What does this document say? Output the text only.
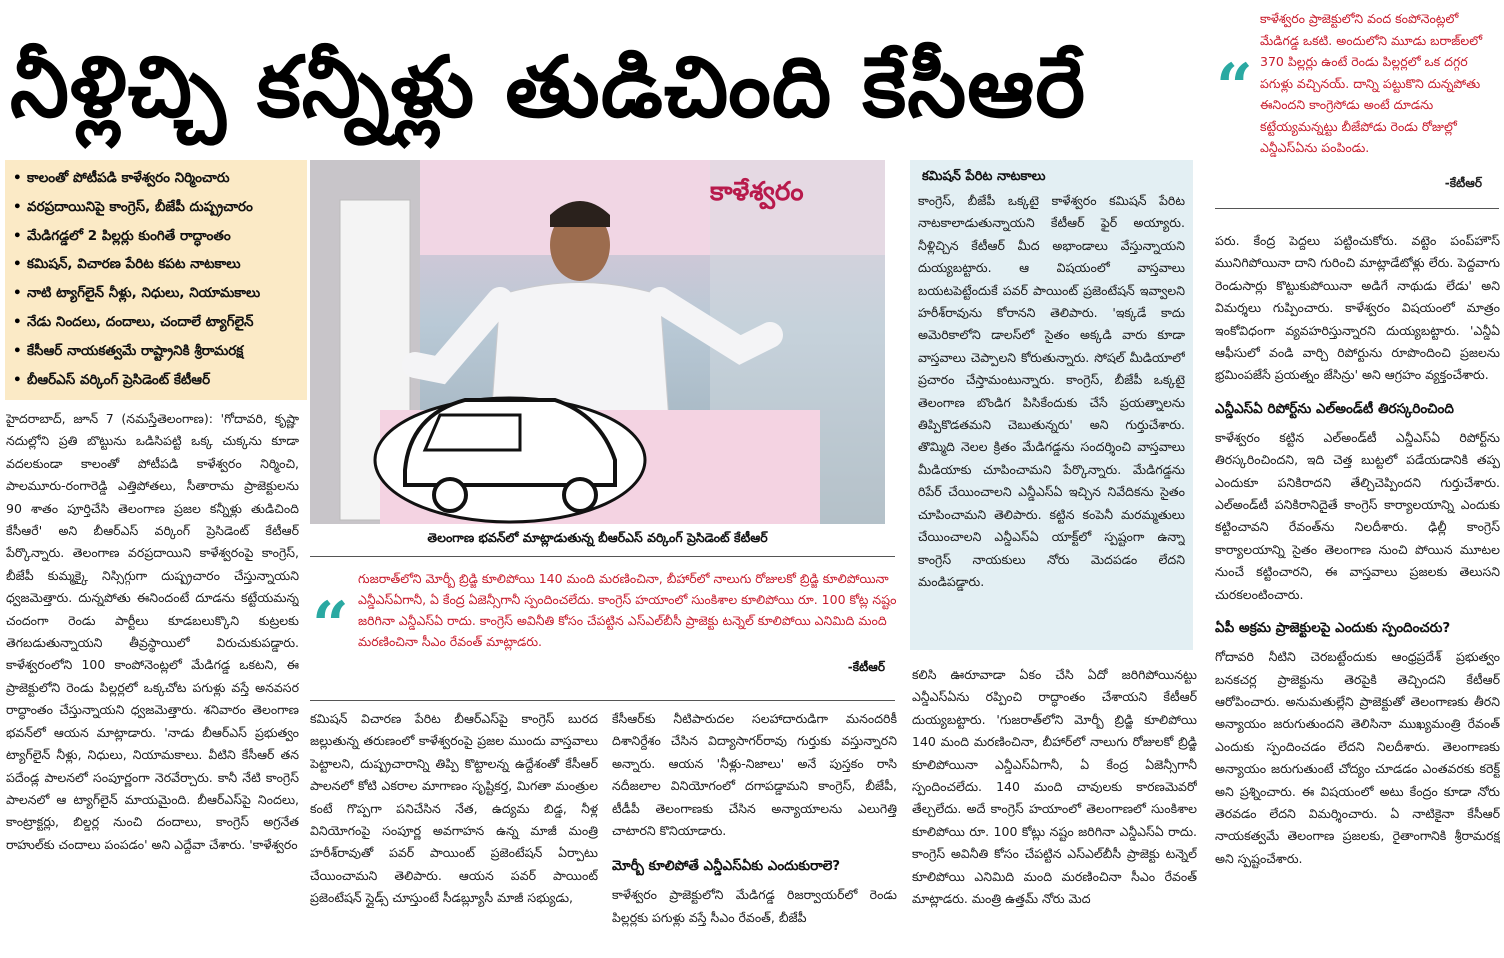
నీళ్లిచ్చి కన్నీళ్లు తుడిచింది కేసీఆరే	“
కాళేశ్వరం ప్రాజెక్టులోని వంద కంపోనెంట్లలో మేడిగడ్డ ఒకటి. అందులోని మూడు బరాజ్‌లలో 370 పిల్లర్లు ఉంటే రెండు పిల్లర్లలో ఒక దగ్గర పగుళ్లు వచ్చినయ్. దాన్ని పట్టుకొని దున్నపోతు ఈనిందని కాంగ్రెసోడు అంటే దూడను కట్టేయ్యమన్నట్టు బీజేపోడు రెండు రోజుల్లో ఎన్డీఎస్‌ఏను పంపిండు.
-కేటీఆర్
• కాలంతో పోటీపడి కాళేశ్వరం నిర్మించారు
• వరప్రదాయినిపై కాంగ్రెస్, బీజేపీ దుష్ప్రచారం
• మేడిగడ్డలో 2 పిల్లర్లు కుంగితే రాద్ధాంతం
• కమిషన్, విచారణ పేరిట కపట నాటకాలు
• నాటి ట్యాగ్‌లైన్ నీళ్లు, నిధులు, నియామకాలు
• నేడు నిందలు, దందాలు, చందాలే ట్యాగ్‌లైన్
• కేసీఆర్ నాయకత్వమే రాష్ట్రానికి శ్రీరామరక్ష
• బీఆర్‌ఎస్ వర్కింగ్ ప్రెసిడెంట్ కేటీఆర్
కాళేశ్వరం
తెలంగాణ భవన్‌లో మాట్లాడుతున్న బీఆర్‌ఎస్ వర్కింగ్ ప్రెసిడెంట్ కేటీఆర్
“
గుజరాత్‌లోని మోర్బీ బ్రిడ్జి కూలిపోయి 140 మంది మరణించినా, బీహార్‌లో నాలుగు రోజులకో బ్రిడ్జి కూలిపోయినా ఎన్డీఎస్‌ఏగానీ, ఏ కేంద్ర ఏజెన్సీగానీ స్పందించలేదు. కాంగ్రెస్ హయాంలో సుంకిశాల కూలిపోయి రూ. 100 కోట్ల నష్టం జరిగినా ఎన్డీఎస్‌ఏ రాదు. కాంగ్రెస్ అవినీతి కోసం చేపట్టిన ఎస్‌ఎల్‌బీసీ ప్రాజెక్టు టన్నెల్ కూలిపోయి ఎనిమిది మంది మరణించినా సీఎం రేవంత్ మాట్లాడరు.
-కేటీఆర్
హైదరాబాద్, జూన్ 7 (నమస్తేతెలంగాణ): 'గోదావరి, కృష్ణా నదుల్లోని ప్రతి బొట్టును ఒడిసిపట్టి ఒక్క చుక్కను కూడా వదలకుండా కాలంతో పోటీపడి కాళేశ్వరం నిర్మించి, పాలమూరు-రంగారెడ్డి ఎత్తిపోతలు, సీతారామ ప్రాజెక్టులను 90 శాతం పూర్తిచేసి తెలంగాణ ప్రజల కన్నీళ్లు తుడిచింది కేసీఆరే' అని బీఆర్‌ఎస్ వర్కింగ్ ప్రెసిడెంట్ కేటీఆర్ పేర్కొన్నారు. తెలంగాణ వరప్రదాయిని కాళేశ్వరంపై కాంగ్రెస్, బీజేపీ కుమ్మక్కై నిస్సిగ్గుగా దుష్ప్రచారం చేస్తున్నాయని ధ్వజమెత్తారు. దున్నపోతు ఈనిందంటే దూడను కట్టేయమన్న చందంగా రెండు పార్టీలు కూడబలుక్కొని కుట్రలకు తెగబడుతున్నాయని తీవ్రస్థాయిలో విరుచుకుపడ్డారు. కాళేశ్వరంలోని 100 కాంపోనెంట్లలో మేడిగడ్డ ఒకటని, ఈ ప్రాజెక్టులోని రెండు పిల్లర్లలో ఒక్కచోట పగుళ్లు వస్తే అనవసర రాద్ధాంతం చేస్తున్నాయని ధ్వజమెత్తారు. శనివారం తెలంగాణ భవన్‌లో ఆయన మాట్లాడారు. 'నాడు బీఆర్‌ఎస్ ప్రభుత్వం ట్యాగ్‌లైన్ నీళ్లు, నిధులు, నియామకాలు. వీటిని కేసీఆర్ తన పదేండ్ల పాలనలో సంపూర్ణంగా నెరవేర్చారు. కానీ నేటి కాంగ్రెస్ పాలనలో ఆ ట్యాగ్‌లైన్ మాయమైంది. బీఆర్‌ఎస్‌పై నిందలు, కాంట్రాక్టర్లు, బిల్డర్ల నుంచి దందాలు, కాంగ్రెస్ అగ్రనేత రాహుల్‌కు చందాలు పంపడం' అని ఎద్దేవా చేశారు. 'కాళేశ్వరం
కమిషన్ విచారణ పేరిట బీఆర్‌ఎస్‌పై కాంగ్రెస్ బురద జల్లుతున్న తరుణంలో కాళేశ్వరంపై ప్రజల ముందు వాస్తవాలు పెట్టాలని, దుష్ప్రచారాన్ని తిప్పి కొట్టాలన్న ఉద్దేశంతో కేసీఆర్ పాలనలో కోటి ఎకరాల మాగాణం సృష్టికర్త, మిగతా మంత్రుల కంటే గొప్పగా పనిచేసిన నేత, ఉద్యమ బిడ్డ, నీళ్ల వినియోగంపై సంపూర్ణ అవగాహన ఉన్న మాజీ మంత్రి హరీశ్‌రావుతో పవర్ పాయింట్ ప్రజెంటేషన్ ఏర్పాటు చేయించామని తెలిపారు. ఆయన పవర్ పాయింట్ ప్రజెంటేషన్ స్లైడ్స్ చూస్తుంటే సీడబ్ల్యూసీ మాజీ సభ్యుడు,
కేసీఆర్‌కు నీటిపారుదల సలహాదారుడిగా మనందరికీ దిశానిర్దేశం చేసిన విద్యాసాగర్‌రావు గుర్తుకు వస్తున్నారని అన్నారు. ఆయన 'నీళ్లు-నిజాలు' అనే పుస్తకం రాసి నదీజలాల వినియోగంలో దగాపడ్డామని కాంగ్రెస్, బీజేపీ, టీడీపీ తెలంగాణకు చేసిన అన్యాయాలను ఎలుగెత్తి చాటారని కొనియాడారు.
మోర్బీ కూలిపోతే ఎన్డీఎస్‌ఏకు ఎందుకురాలె?
కాళేశ్వరం ప్రాజెక్టులోని మేడిగడ్డ రిజర్వాయర్‌లో రెండు పిల్లర్లకు పగుళ్లు వస్తే సీఎం రేవంత్, బీజేపీ
కమిషన్ పేరిట నాటకాలు
కాంగ్రెస్, బీజేపీ ఒక్కటై కాళేశ్వరం కమిషన్ పేరిట నాటకాలాడుతున్నాయని కేటీఆర్ ఫైర్ అయ్యారు. నీళ్లిచ్చిన కేటీఆర్ మీద అభాండాలు వేస్తున్నాయని దుయ్యబట్టారు. ఆ విషయంలో వాస్తవాలు బయటపెట్టేందుకే పవర్ పాయింట్ ప్రజెంటేషన్ ఇవ్వాలని హరీశ్‌రావును కోరానని తెలిపారు. 'ఇక్కడే కాదు అమెరికాలోని డాలస్‌లో సైతం అక్కడి వారు కూడా వాస్తవాలు చెప్పాలని కోరుతున్నారు. సోషల్ మీడియాలో ప్రచారం చేస్తామంటున్నారు. కాంగ్రెస్, బీజేపీ ఒక్కటై తెలంగాణ బొండిగ పిసికేందుకు చేసే ప్రయత్నాలను తిప్పికొడతమని చెబుతున్నరు' అని గుర్తుచేశారు. తొమ్మిది నెలల క్రితం మేడిగడ్డను సందర్శించి వాస్తవాలు మీడియాకు చూపించామని పేర్కొన్నారు. మేడిగడ్డను రిపేర్ చేయించాలని ఎన్డీఎస్‌ఏ ఇచ్చిన నివేదికను సైతం చూపించామని తెలిపారు. కట్టిన కంపెనీ మరమ్మతులు చేయించాలని ఎన్డీఎస్‌ఏ యాక్ట్‌లో స్పష్టంగా ఉన్నా కాంగ్రెస్ నాయకులు నోరు మెదపడం లేదని మండిపడ్డారు.
కలిసి ఊరూవాడా ఏకం చేసి ఏదో జరిగిపోయినట్టు ఎన్డీఎస్‌ఏను రప్పించి రాద్ధాంతం చేశాయని కేటీఆర్ దుయ్యబట్టారు. 'గుజరాత్‌లోని మోర్బీ బ్రిడ్జి కూలిపోయి 140 మంది మరణించినా, బీహార్‌లో నాలుగు రోజులకో బ్రిడ్జి కూలిపోయినా ఎన్డీఎస్‌ఏగానీ, ఏ కేంద్ర ఏజెన్సీగానీ స్పందించలేదు. 140 మంది చావులకు కారణమెవరో తేల్చలేదు. అదే కాంగ్రెస్ హయాంలో తెలంగాణలో సుంకిశాల కూలిపోయి రూ. 100 కోట్లు నష్టం జరిగినా ఎన్డీఎస్‌ఏ రాదు. కాంగ్రెస్ అవినీతి కోసం చేపట్టిన ఎస్‌ఎల్‌బీసీ ప్రాజెక్టు టన్నెల్ కూలిపోయి ఎనిమిది మంది మరణించినా సీఎం రేవంత్ మాట్లాడరు. మంత్రి ఉత్తమ్ నోరు మెద
పరు. కేంద్ర పెద్దలు పట్టించుకోరు. వట్టెం పంప్‌హౌస్ మునిగిపోయినా దాని గురించి మాట్లాడేటోళ్లు లేరు. పెద్దవాగు రెండుసార్లు కొట్టుకుపోయినా అడిగే నాథుడు లేడు' అని విమర్శలు గుప్పించారు. కాళేశ్వరం విషయంలో మాత్రం ఇంకోవిధంగా వ్యవహరిస్తున్నారని దుయ్యబట్టారు. 'ఎన్డీఏ ఆఫీసులో వండి వార్చి రిపోర్టును రూపొందించి ప్రజలను భ్రమింపజేసే ప్రయత్నం జేసిన్రు' అని ఆగ్రహం వ్యక్తంచేశారు.
ఎన్డీఎస్‌ఏ రిపోర్ట్‌ను ఎల్‌అండ్‌టీ తిరస్కరించింది
కాళేశ్వరం కట్టిన ఎల్‌అండ్‌టీ ఎన్డీఎస్‌ఏ రిపోర్ట్‌ను తిరస్కరించిందని, ఇది చెత్త బుట్టలో పడేయడానికి తప్ప ఎందుకూ పనికిరాదని తేల్చిచెప్పిందని గుర్తుచేశారు. ఎల్‌అండ్‌టీ పనికిరానిదైతే కాంగ్రెస్ కార్యాలయాన్ని ఎందుకు కట్టించావని రేవంత్‌ను నిలదీశారు. ఢిల్లీ కాంగ్రెస్ కార్యాలయాన్ని సైతం తెలంగాణ నుంచి పోయిన మూటల నుంచే కట్టించారని, ఈ వాస్తవాలు ప్రజలకు తెలుసని చురకలంటించారు.
ఏపీ అక్రమ ప్రాజెక్టులపై ఎందుకు స్పందించరు?
గోదావరి నీటిని చెరబట్టేందుకు ఆంధ్రప్రదేశ్ ప్రభుత్వం బనకచర్ల ప్రాజెక్టును తెరపైకి తెచ్చిందని కేటీఆర్ ఆరోపించారు. అనుమతుల్లేని ప్రాజెక్టుతో తెలంగాణకు తీరని అన్యాయం జరుగుతుందని తెలిసినా ముఖ్యమంత్రి రేవంత్ ఎందుకు స్పందించడం లేదని నిలదీశారు. తెలంగాణకు అన్యాయం జరుగుతుంటే చోద్యం చూడడం ఎంతవరకు కరెక్ట్ అని ప్రశ్నించారు. ఈ విషయంలో అటు కేంద్రం కూడా నోరు తెరవడం లేదని విమర్శించారు. ఏ నాటికైనా కేసీఆర్ నాయకత్వమే తెలంగాణ ప్రజలకు, రైతాంగానికి శ్రీరామరక్ష అని స్పష్టంచేశారు.
